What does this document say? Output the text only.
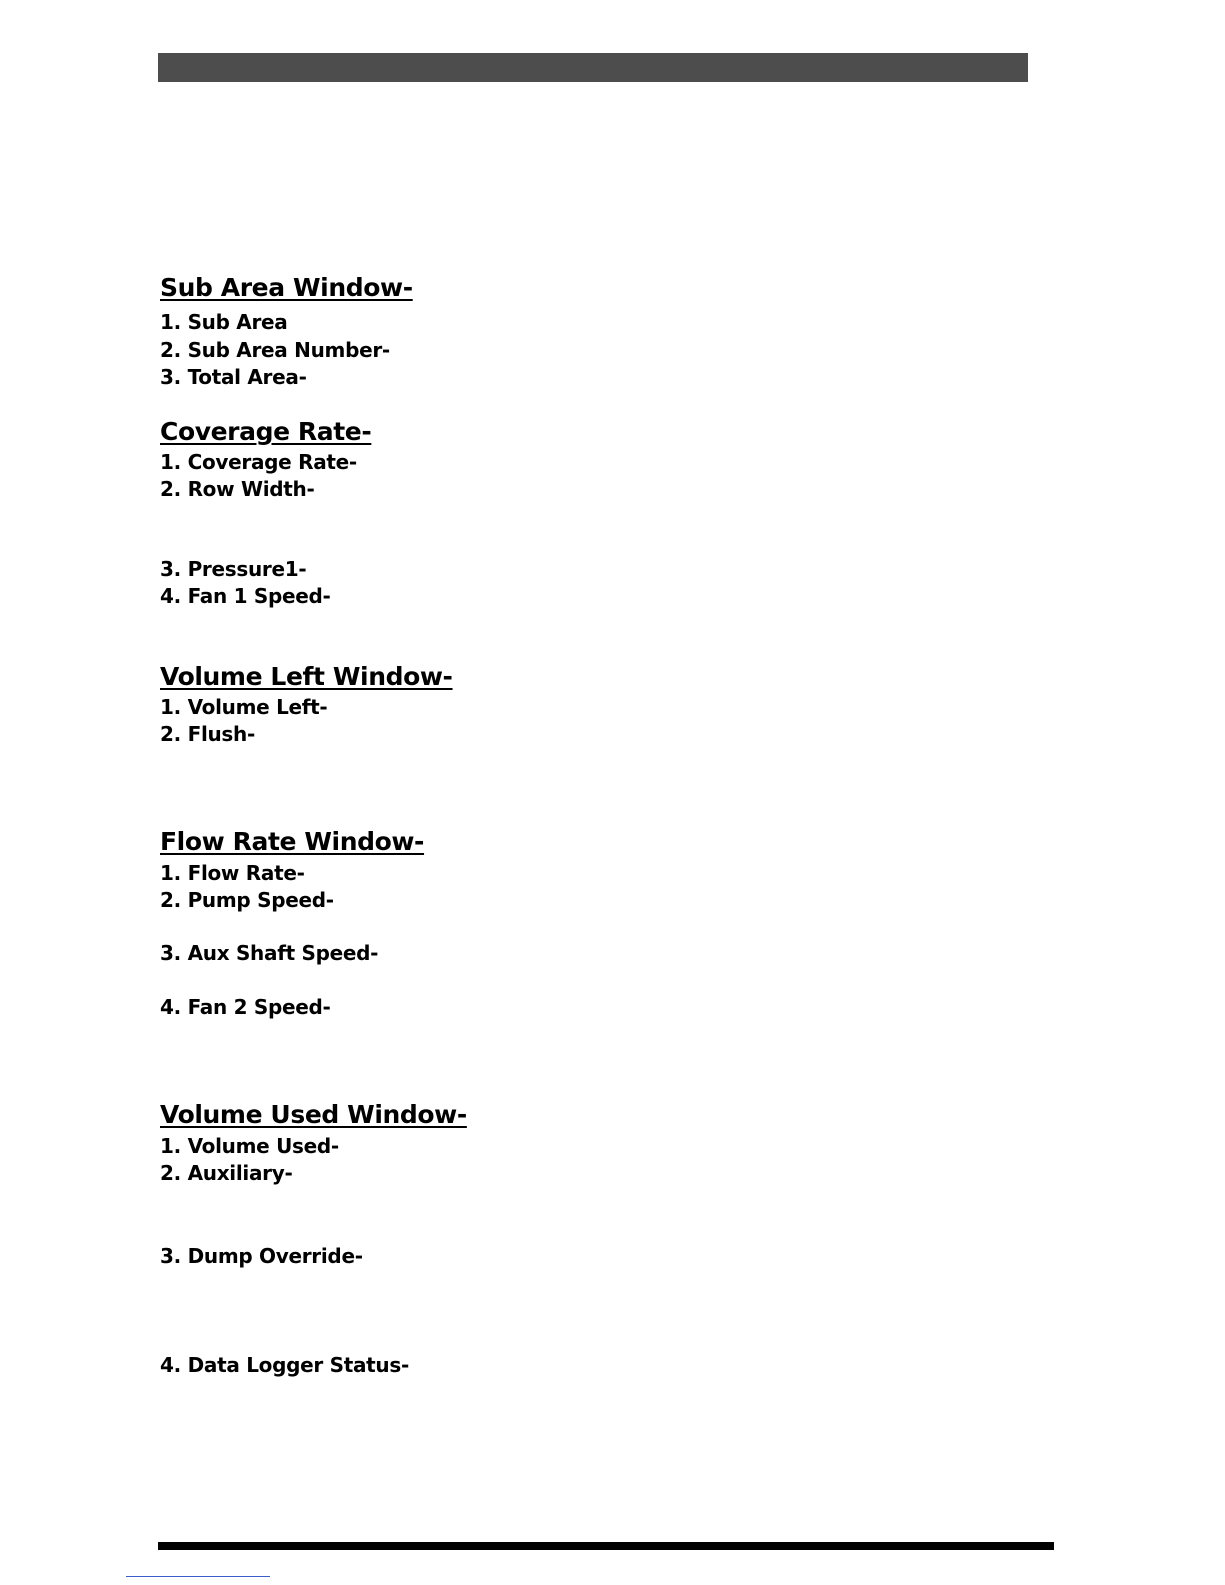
Sub Area Window-

1. Sub Area

2. Sub Area Number-

3. Total Area-

Coverage Rate-

1. Coverage Rate-

2. Row Width-

3. Pressure1-

4. Fan 1 Speed-

Volume Left Window-

1. Volume Left-

2. Flush-

Flow Rate Window-

1. Flow Rate-

2. Pump Speed-

3. Aux Shaft Speed-

4. Fan 2 Speed-

Volume Used Window-

1. Volume Used-

2. Auxiliary-

3. Dump Override-

4. Data Logger Status-
